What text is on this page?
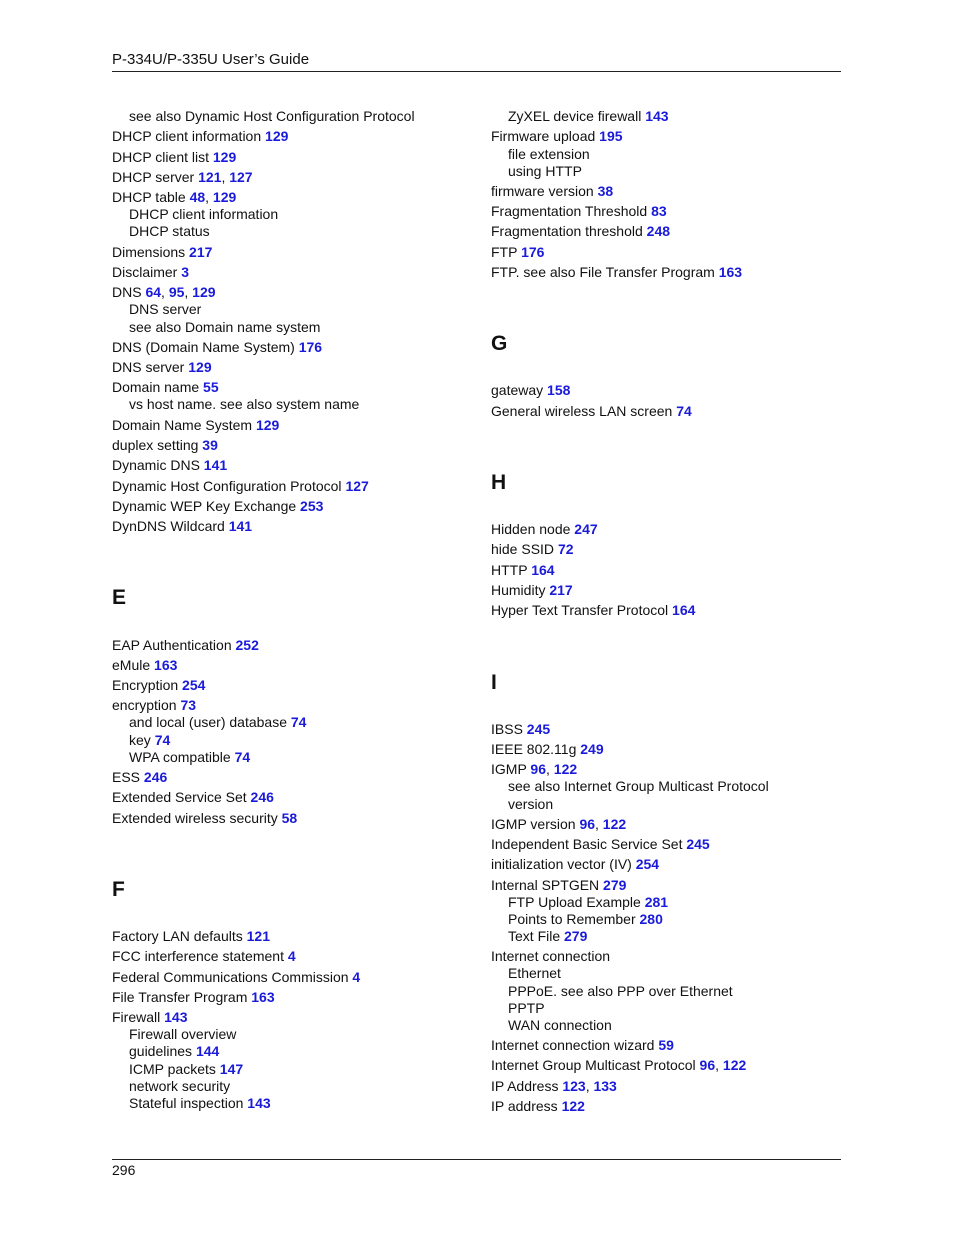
P-334U/P-335U User’s Guide
see also Dynamic Host Configuration Protocol
DHCP client information 129
DHCP client list 129
DHCP server 121, 127
DHCP table 48, 129
DHCP client information
DHCP status
Dimensions 217
Disclaimer 3
DNS 64, 95, 129
DNS server
see also Domain name system
DNS (Domain Name System) 176
DNS server 129
Domain name 55
vs host name. see also system name
Domain Name System 129
duplex setting 39
Dynamic DNS 141
Dynamic Host Configuration Protocol 127
Dynamic WEP Key Exchange 253
DynDNS Wildcard 141
E
EAP Authentication 252
eMule 163
Encryption 254
encryption 73
and local (user) database 74
key 74
WPA compatible 74
ESS 246
Extended Service Set 246
Extended wireless security 58
F
Factory LAN defaults 121
FCC interference statement 4
Federal Communications Commission 4
File Transfer Program 163
Firewall 143
Firewall overview
guidelines 144
ICMP packets 147
network security
Stateful inspection 143
ZyXEL device firewall 143
Firmware upload 195
file extension
using HTTP
firmware version 38
Fragmentation Threshold 83
Fragmentation threshold 248
FTP 176
FTP. see also File Transfer Program 163
G
gateway 158
General wireless LAN screen 74
H
Hidden node 247
hide SSID 72
HTTP 164
Humidity 217
Hyper Text Transfer Protocol 164
I
IBSS 245
IEEE 802.11g 249
IGMP 96, 122
see also Internet Group Multicast Protocol
version
IGMP version 96, 122
Independent Basic Service Set 245
initialization vector (IV) 254
Internal SPTGEN 279
FTP Upload Example 281
Points to Remember 280
Text File 279
Internet connection
Ethernet
PPPoE. see also PPP over Ethernet
PPTP
WAN connection
Internet connection wizard 59
Internet Group Multicast Protocol 96, 122
IP Address 123, 133
IP address 122
296
